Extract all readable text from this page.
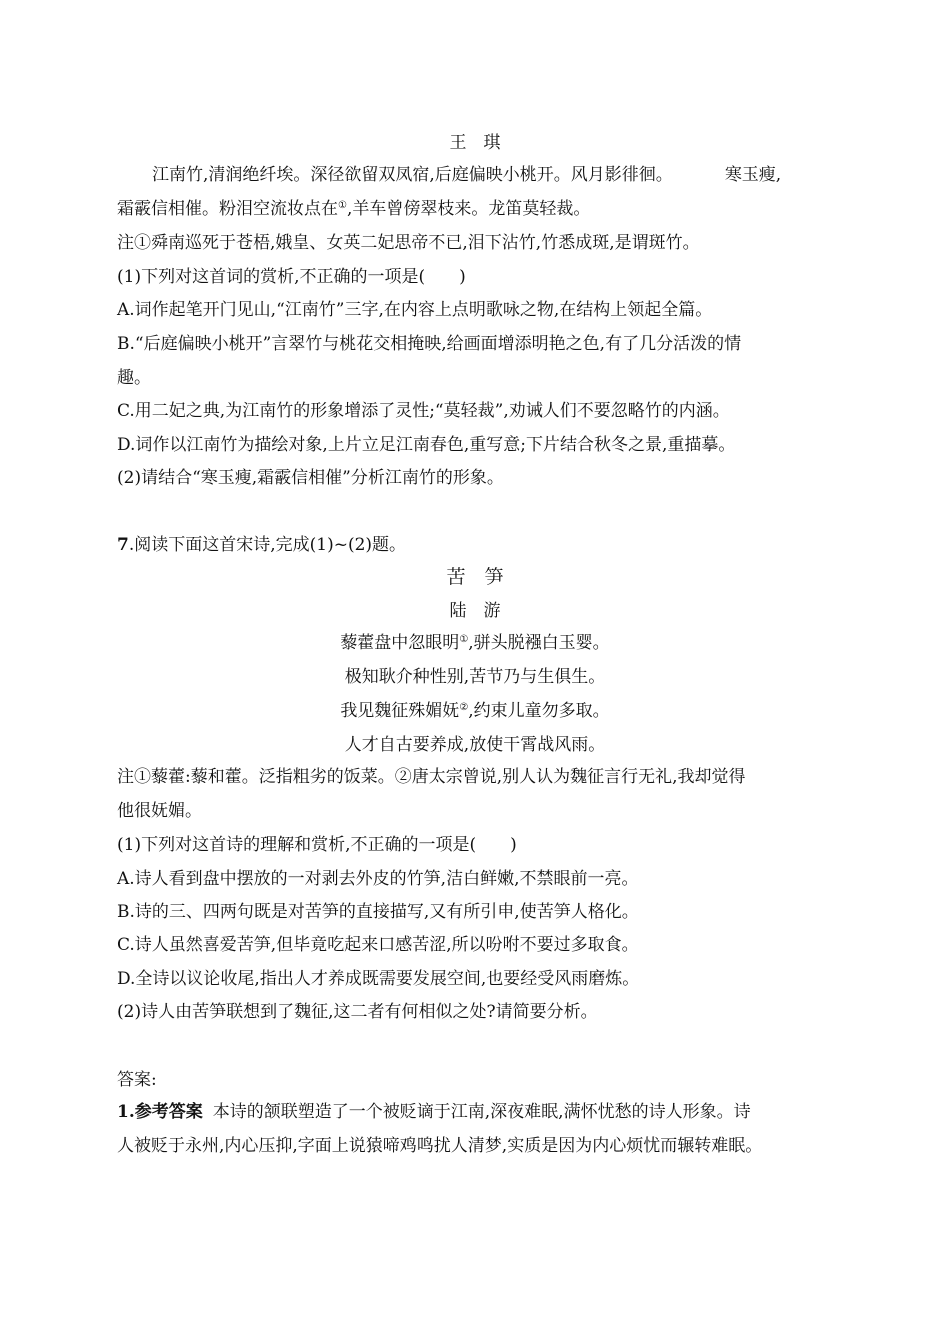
王　琪
江南竹,清润绝纤埃。深径欲留双凤宿,后庭偏映小桃开。风月影徘徊。	寒玉瘦,
霜霰信相催。粉泪空流妆点在①,羊车曾傍翠枝来。龙笛莫轻裁。
注①舜南巡死于苍梧,娥皇、女英二妃思帝不已,泪下沾竹,竹悉成斑,是谓斑竹。
(1)下列对这首词的赏析,不正确的一项是( )
A.词作起笔开门见山,“江南竹”三字,在内容上点明歌咏之物,在结构上领起全篇。
B.“后庭偏映小桃开”言翠竹与桃花交相掩映,给画面增添明艳之色,有了几分活泼的情
趣。
C.用二妃之典,为江南竹的形象增添了灵性;“莫轻裁”,劝诫人们不要忽略竹的内涵。
D.词作以江南竹为描绘对象,上片立足江南春色,重写意;下片结合秋冬之景,重描摹。
(2)请结合“寒玉瘦,霜霰信相催”分析江南竹的形象。
7.阅读下面这首宋诗,完成(1)~(2)题。
苦　笋
陆　游
藜藿盘中忽眼明①,骈头脱襁白玉婴。
极知耿介种性别,苦节乃与生俱生。
我见魏征殊媚妩②,约束儿童勿多取。
人才自古要养成,放使干霄战风雨。
注①藜藿:藜和藿。泛指粗劣的饭菜。②唐太宗曾说,别人认为魏征言行无礼,我却觉得
他很妩媚。
(1)下列对这首诗的理解和赏析,不正确的一项是( )
A.诗人看到盘中摆放的一对剥去外皮的竹笋,洁白鲜嫩,不禁眼前一亮。
B.诗的三、四两句既是对苦笋的直接描写,又有所引申,使苦笋人格化。
C.诗人虽然喜爱苦笋,但毕竟吃起来口感苦涩,所以吩咐不要过多取食。
D.全诗以议论收尾,指出人才养成既需要发展空间,也要经受风雨磨炼。
(2)诗人由苦笋联想到了魏征,这二者有何相似之处?请简要分析。
答案:
1.参考答案 本诗的颔联塑造了一个被贬谪于江南,深夜难眠,满怀忧愁的诗人形象。诗
人被贬于永州,内心压抑,字面上说猿啼鸡鸣扰人清梦,实质是因为内心烦忧而辗转难眠。
